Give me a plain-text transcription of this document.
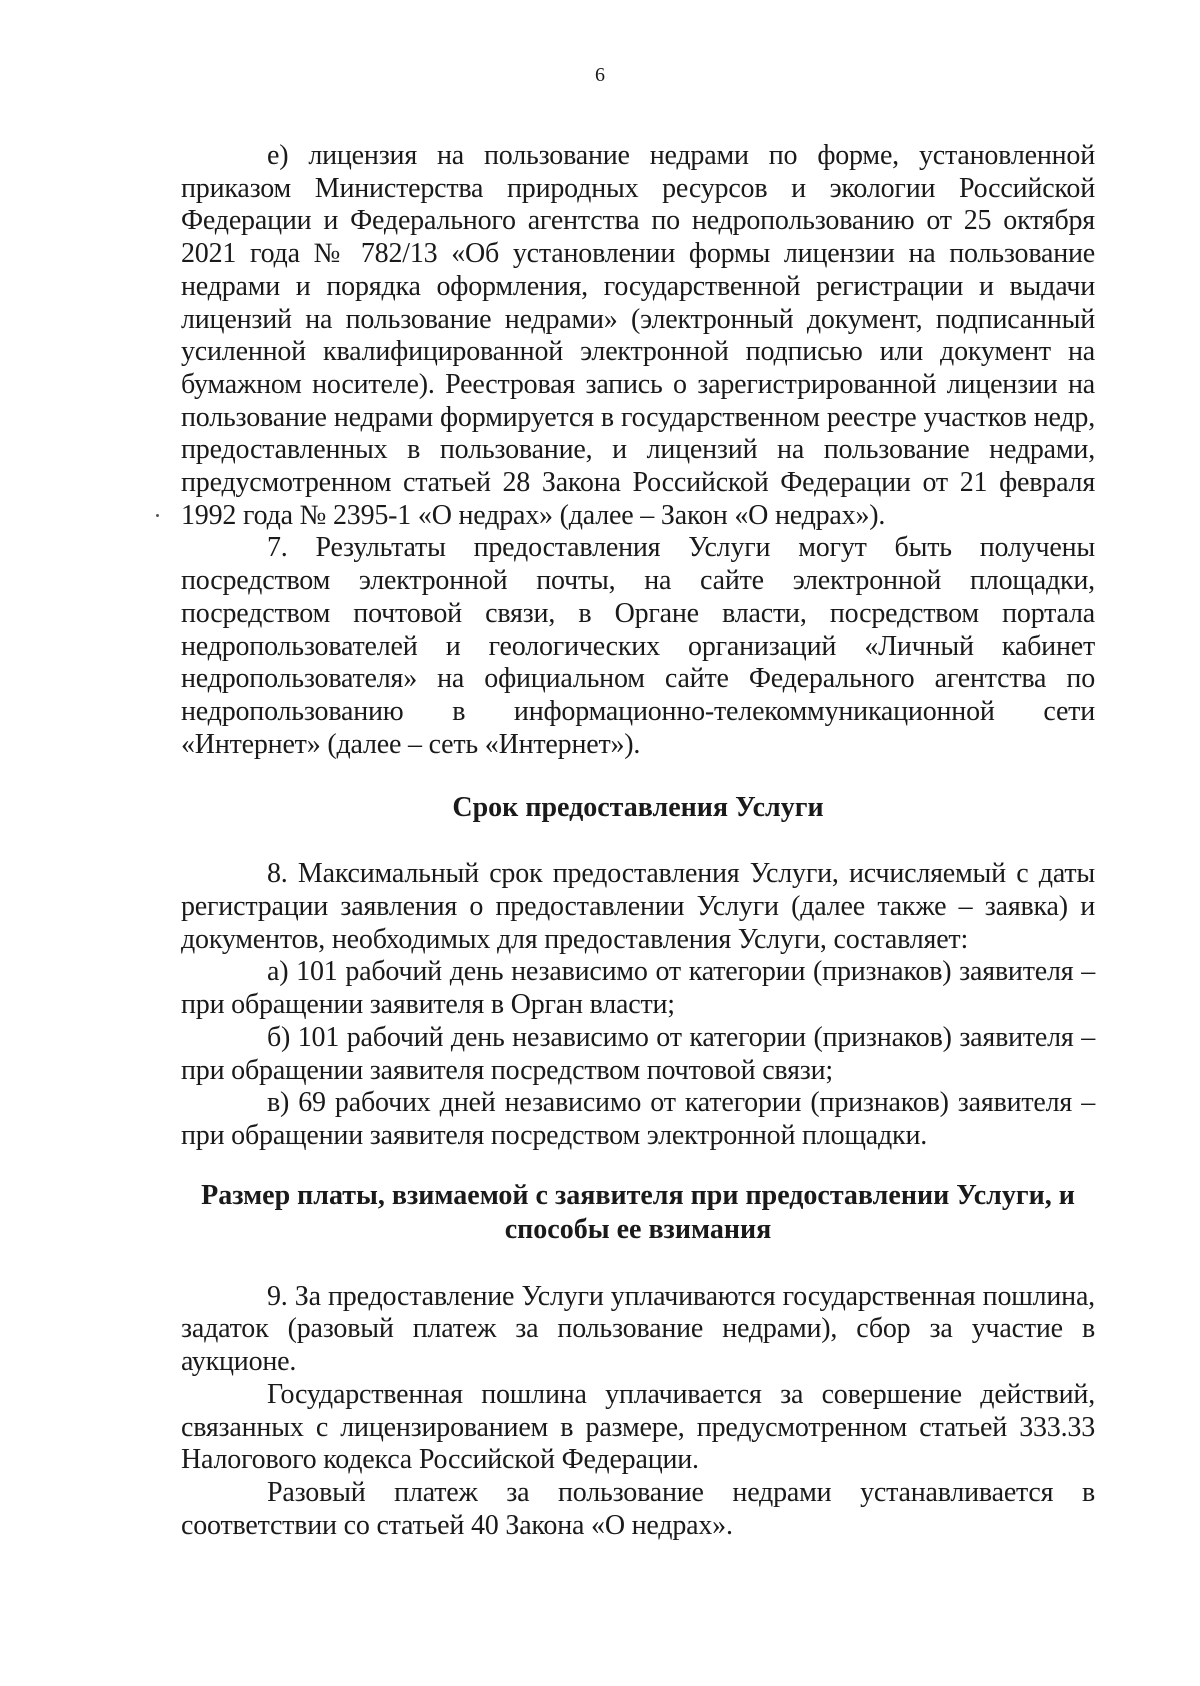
6

е) лицензия на пользование недрами по форме, установленной приказом Министерства природных ресурсов и экологии Российской Федерации и Федерального агентства по недропользованию от 25 октября 2021 года № 782/13 «Об установлении формы лицензии на пользование недрами и порядка оформления, государственной регистрации и выдачи лицензий на пользование недрами» (электронный документ, подписанный усиленной квалифицированной электронной подписью или документ на бумажном носителе). Реестровая запись о зарегистрированной лицензии на пользование недрами формируется в государственном реестре участков недр, предоставленных в пользование, и лицензий на пользование недрами, предусмотренном статьей 28 Закона Российской Федерации от 21 февраля 1992 года № 2395-1 «О недрах» (далее – Закон «О недрах»).

7. Результаты предоставления Услуги могут быть получены посредством электронной почты, на сайте электронной площадки, посредством почтовой связи, в Органе власти, посредством портала недропользователей и геологических организаций «Личный кабинет недропользователя» на официальном сайте Федерального агентства по недропользованию в информационно-телекоммуникационной сети «Интернет» (далее – сеть «Интернет»).

Срок предоставления Услуги

8. Максимальный срок предоставления Услуги, исчисляемый с даты регистрации заявления о предоставлении Услуги (далее также – заявка) и документов, необходимых для предоставления Услуги, составляет:

а) 101 рабочий день независимо от категории (признаков) заявителя – при обращении заявителя в Орган власти;

б) 101 рабочий день независимо от категории (признаков) заявителя – при обращении заявителя посредством почтовой связи;

в) 69 рабочих дней независимо от категории (признаков) заявителя – при обращении заявителя посредством электронной площадки.

Размер платы, взимаемой с заявителя при предоставлении Услуги, и
способы ее взимания

9. За предоставление Услуги уплачиваются государственная пошлина, задаток (разовый платеж за пользование недрами), сбор за участие в аукционе.

Государственная пошлина уплачивается за совершение действий, связанных с лицензированием в размере, предусмотренном статьей 333.33 Налогового кодекса Российской Федерации.

Разовый платеж за пользование недрами устанавливается в соответствии со статьей 40 Закона «О недрах».
